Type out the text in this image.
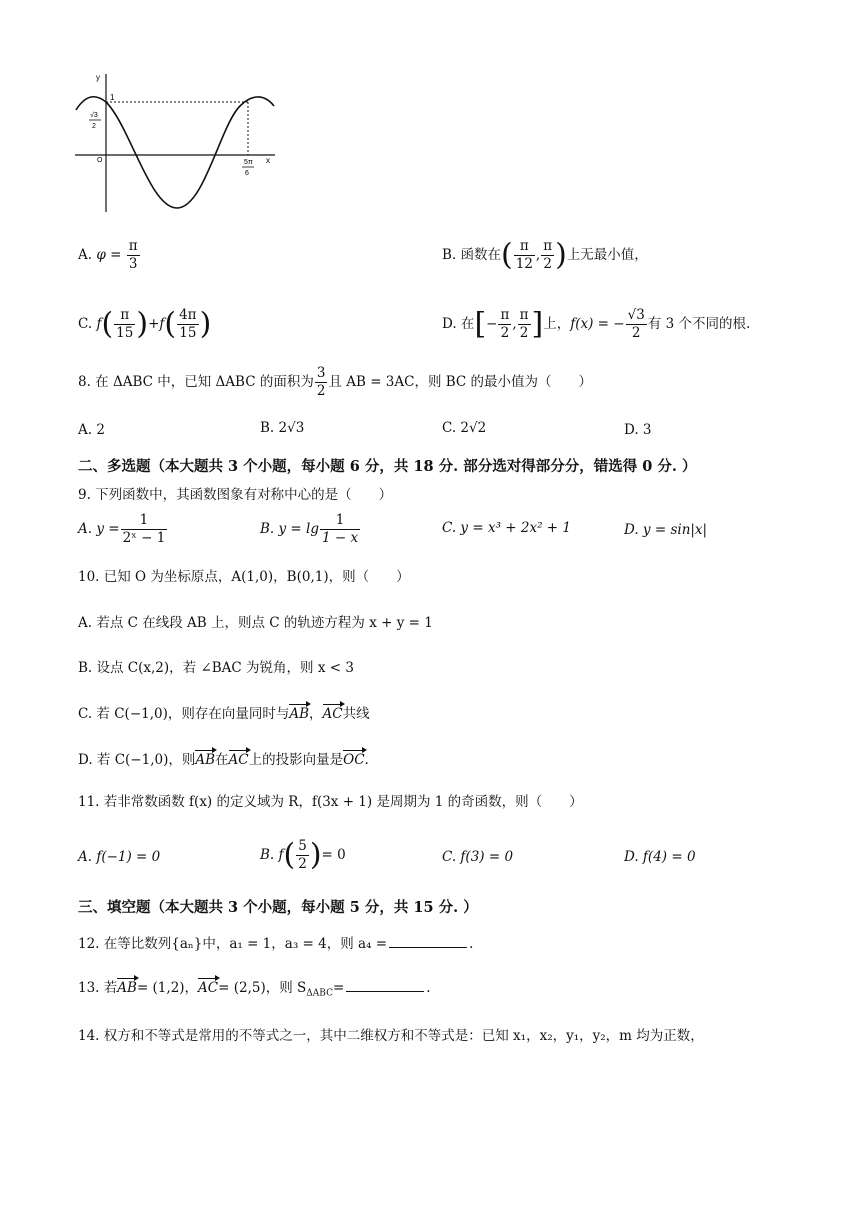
y
1
√3
2
O	5π
6
x
A. $\varphi = \frac{\pi}{3}$	B. 函数在( $\frac{\pi}{12}$ , $\frac{\pi}{2}$ )上无最小值，
C. $f( \frac{\pi}{15} )+f( \frac{4\pi}{15}$ )	D. 在[− $\frac{\pi}{2}$ , $\frac{\pi}{2}$ ]上，f(x) = − $\frac{√3}{2}$ 有 3 个不同的根.
8. 在 ΔABC 中，已知 ΔABC 的面积为 $\frac{3}{2}$ 且 AB = 3AC，则 BC 的最小值为（　　）
A. 2	B. 2√3	C. 2√2	D. 3
二、多选题（本大题共 3 个小题，每小题 6 分，共 18 分. 部分选对得部分分，错选得 0 分. ）
9. 下列函数中，其函数图象有对称中心的是（　　）
A. $y = \frac{1}{\text{2ˣ − 1}}$	B. $y = \lg \frac{1}{1 - x}$	C. y = x³ + 2x² + 1	D. y = sin|x|
10. 已知 O 为坐标原点，A(1,0)，B(0,1)，则（　　）
A. 若点 C 在线段 AB 上，则点 C 的轨迹方程为 x + y = 1
B. 设点 C(x,2)，若 ∠BAC 为锐角，则 x < 3
C. 若 C(−1,0)，则存在向量同时与AB，AC共线
D. 若 C(−1,0)，则AB在AC上的投影向量是OC.
11. 若非常数函数 f(x) 的定义域为 R，f(3x + 1) 是周期为 1 的奇函数，则（　　）
A. f(−1) = 0	B. $f( \frac{5}{2}$ )= 0	C. f(3) = 0	D. f(4) = 0
三、填空题（本大题共 3 个小题，每小题 5 分，共 15 分. ）
12. 在等比数列{aₙ}中，a₁ = 1，a₃ = 4，则 a₄ =	.
13. 若AB= (1,2)，AC= (2,5)，则 $S_{\Delta ABC}=$	.
14. 权方和不等式是常用的不等式之一，其中二维权方和不等式是：已知 x₁，x₂，y₁，y₂，m 均为正数，
